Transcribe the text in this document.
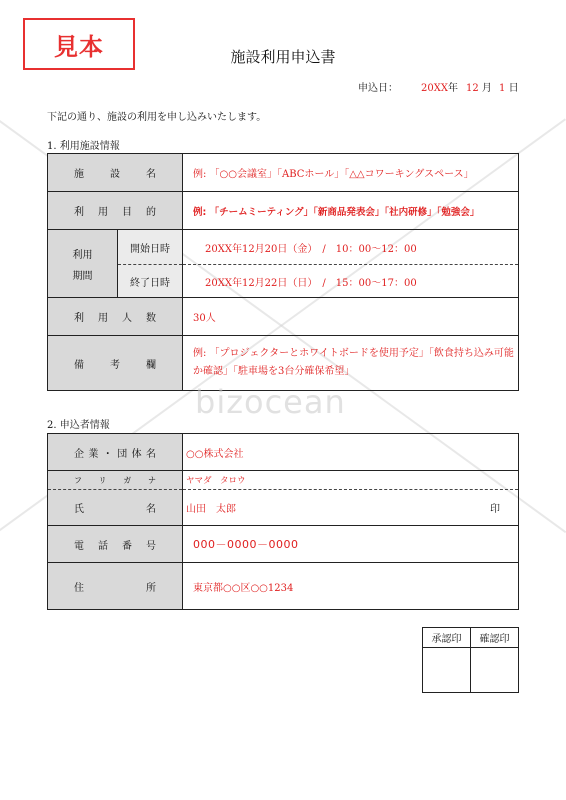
見本	施設利用申込書
申込日： 20XX年 12 月 1 日
下記の通り、施設の利用を申し込みいたします。
1. 利用施設情報
施設名		例: 「○○会議室」「ABCホール」「△△コワーキングスペース」
利用目的		例: 「チームミーティング」「新商品発表会」「社内研修」「勉強会」

利用
期間	開始日時	20XX年12月20日（金）　/　10：00～12：00
	終了日時	20XX年12月22日（日）　/　15：00～17：00
利用人数		30人
備考欄		例: 「プロジェクターとホワイトボードを使用予定」「飲食持ち込み可能か確認」「駐車場を3台分確保希望」
2. 申込者情報
企業・団体名	○○株式会社
フリガナ	ヤマダ　タロウ
氏名	山田　太郎 印

電話番号	000－0000－0000
住所	東京都○○区○○1234
承認印	確認印

bizocean
